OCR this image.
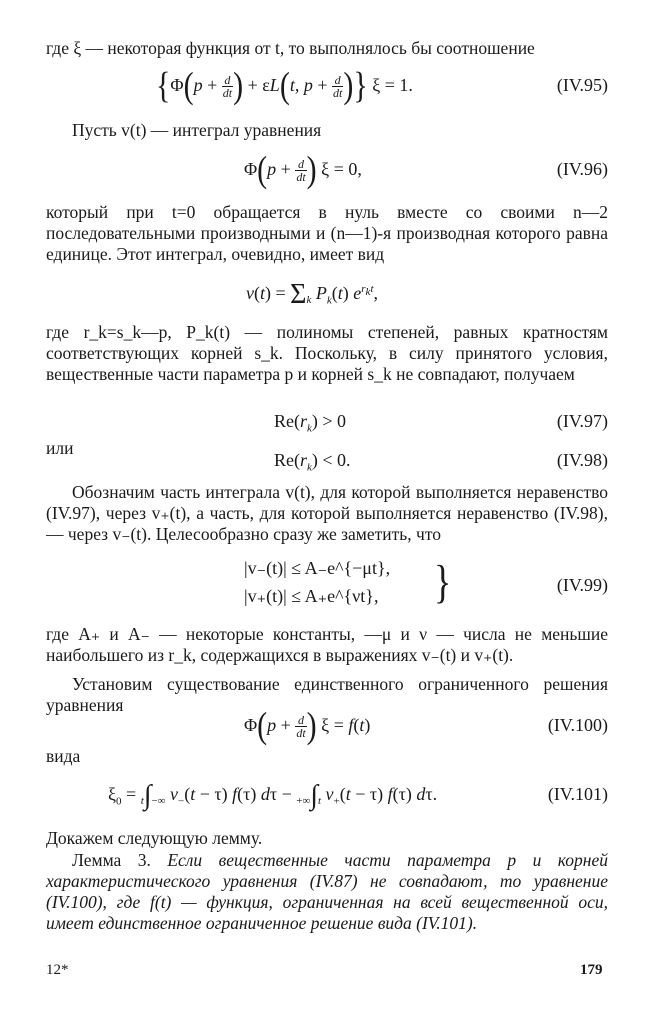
где ξ — некоторая функция от t, то выполнялось бы соотношение

{$\Phi(p + \frac{d}{dt}$ ) + εL(t, $p + \frac{d}{dt}$ )} ξ = 1.	(IV.95)

Пусть v(t) — интеграл уравнения

$\Phi(p + \frac{d}{dt}$ ) ξ = 0,	(IV.96)

который при t=0 обращается в нуль вместе со своими n—2 последовательными производными и (n—1)-я производная которого равна единице. Этот интеграл, очевидно, имеет вид

v(t) = Σk $P_k(t)$ $e^{r_kt}$,

где r_k=s_k—p, P_k(t) — полиномы степеней, равных кратностям соответствующих корней s_k. Поскольку, в силу принятого условия, вещественные части параметра p и корней s_k не совпадают, получаем

$Re(r_k) > 0$	(IV.97)
или
$Re(r_k) < 0$.	(IV.98)

Обозначим часть интеграла v(t), для которой выполняется неравенство (IV.97), через v₊(t), а часть, для которой выполняется неравенство (IV.98), — через v₋(t). Целесообразно сразу же заметить, что

|v₋(t)| ≤ A₋e^{−μt},
|v₊(t)| ≤ A₊e^{νt}, }	(IV.99)

где A₊ и A₋ — некоторые константы, —μ и ν — числа не меньшие наибольшего из r_k, содержащихся в выражениях v₋(t) и v₊(t).

Установим существование единственного ограниченного решения уравнения

$\Phi(p + \frac{d}{dt}$ ) ξ = f(t)	(IV.100)
вида
$\xi_0 = t\int-\infty$ $v_-(t - \tau)$ f(τ) dτ − +∞∫t $v_+(t - \tau)$ f(τ) dτ.	(IV.101)

Докажем следующую лемму.

Лемма 3. Если вещественные части параметра p и корней характеристического уравнения (IV.87) не совпадают, то уравнение (IV.100), где f(t) — функция, ограниченная на всей вещественной оси, имеет единственное ограниченное решение вида (IV.101).

12*	179
